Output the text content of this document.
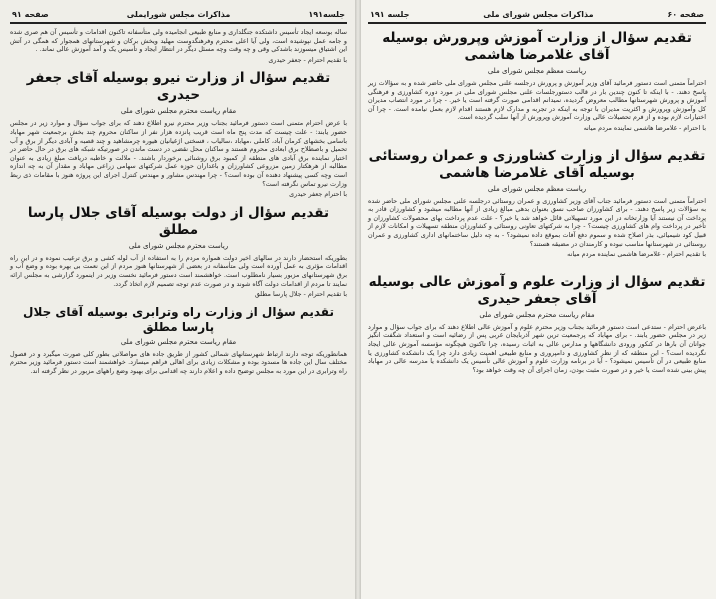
جلسه۱۹۱
مذاکرات مجلس شورایملی
صفحه ۹۱

ساله بوسعه ایجاد تأسیس داشتکده جنگلداری و منابع طبیعی انجامیده ولی متأسفانه تاکنون اقدامات و تأسیس آن هم صری شده و جامه عمل نپوشیده است، ولی آیا اعلی محترم وفرهنگدوست مهلید ویخش برکان و شهرستانهای همجوار که همگی در آتش این اشتیاق میسوزند باشدکی وقی و چه وقت وچه مسئل دیگر در انتظار ایجاد و تأسیس یک و آمد آموزش عالی نماند. .

با تقدیم احترام - جعفر حیدری
تقدیم سؤال از وزارت نیرو بوسیله آقای جعفر حیدری
مقام ریاست محترم مجلس شورای ملی

با عرض احترام متمنی است دستور فرمائید بجناب وزیر محترم نیرو اطلاع دهند که برای جواب سؤال و موارد زیر در مجلس حضور یابند: - علت چیست که مدت پنج ماه است قریب پانزده هزار نفر از ساکنان محروم چند بخش برجمعیت شهر مهاباد باسامی بخشهای کرمان آباد، کاملی ،مهاباد ،سالیاب ، فسختی اژغیانیان هیوره چرمشاهید و چند قصبه و آبادی دیگر از برق و آب تحمیل و باصطلاح برق ابعادی محروم هستند و ساکنان محل نقضی در دست ماندن در صورتیکه شبکه های برق در حال حاضر در اختیار نماینده برق آبادی های منطقه از کمبود برق روشنائی برخوردار باشند. - ملالت و خاطبه دریافت مبلغ زیادی به عنوان مطالبه از هرهکتار زمین مزروعی کشاورزان و باغداران حوزه عمل شرکتهای سهامی زراعی مهاباد و مقدار آن به چه اندازه است وچه کسی پیشنهاد دهنده آن بوده است؟ - چرا مهندس مشاور و مهندس کنترل اجرای این پروژه هنوز با مقامات ذی ربط وزارت نیرو تماس نگرفته است؟

با احترام جعفر حیدری
تقدیم سؤال از دولت بوسیله آقای جلال پارسا مطلق
ریاست محترم مجلس شورای ملی

بطوریکه استحضار دارند در سالهای اخیر دولت همواره مردم را به استفاده از آب لوله کشی و برق ترغیب نموده و در این راه اقدامات مؤثری به عمل آورده است ولی متأسفانه در بعضی از شهرستانها هنوز مردم از این نعمت بی بهره بوده و وضع آب و برق شهرستانهای مزبور بسیار نامطلوب است. خواهشمند است دستور فرمائید نخست وزیر در اینمورد گزارشی به مجلس ارائه نمایند تا مردم از اقدامات دولت آگاه شوند و در صورت عدم توجه تصمیم لازم اتخاذ گردد.

با تقدیم احترام - جلال پارسا مطلق
تقدیم سؤال از وزارت راه وترابری بوسیله آقای جلال پارسا مطلق
مقام ریاست محترم مجلس شورای ملی

همانطوریکه توجه دارند ارتباط شهرستانهای شمالی کشور از طریق جاده های مواصلاتی بطور کلی صورت میگیرد و در فصول مختلف سال این جاده ها مسدود بوده و مشکلات زیادی برای اهالی فراهم میسازد. خواهشمند است دستور فرمائید وزیر محترم راه وترابری در این مورد به مجلس توضیح داده و اعلام دارند چه اقدامی برای بهبود وضع راههای مزبور در نظر گرفته اند.

صفحه ۶۰
مذاکرات مجلس شورای ملی
جلسه ۱۹۱
تقدیم سؤال از وزارت آموزش وپرورش بوسیله آقای غلامرضا هاشمی
ریاست معظم مجلس شورای ملی

احتراماً متمنی است دستور فرمائید آقای وزیر آموزش و پرورش درجلسه علنی مجلس شورای ملی حاضر شده و به سؤالات زیر پاسخ دهند. - با اینکه تا کنون چندین بار در قالب دستورجلسات علنی مجلس شورای ملی در مورد دوره کشاورزی و فرهنگی آموزش و پرورش شهرستانها مطالب معروض گردیده، نمیدانم اقدامی صورت گرفته است یا خیر. - چرا در مورد انتصاب مدیران کل وآموزش وپرورش و اکثریت مدیران با توجه به اینکه در تجربه و مدارک لازم هستند اقدام لازم بعمل نیامده است. - چرا آن اختیارات لازم بوده و از فرم تحصیلات عالی وزارت آموزش وپرورش از آنها سلب گردیده است.

با احترام - غلامرضا هاشمی نماینده مردم میانه
تقدیم سؤال از وزارت کشاورزی و عمران روستائی بوسیله آقای غلامرضا هاشمی
ریاست معظم مجلس شورای ملی

احتراماً متمنی است دستور فرمائید جناب آقای وزیر کشاورزی و عمران روستائی درجلسه علنی مجلس شورای ملی حاضر شده به سؤالات زیر پاسخ دهند. - برای کشاورزان صاحب نسق بعنوان بدهی مبالغ زیادی از آنها مطالبه میشود و کشاورزان قادر به پرداخت آن نیستند آیا وزارتخانه در این مورد تسهیلاتی قائل خواهد شد یا خیر؟ - علت عدم پرداخت بهای محصولات کشاورزان و تأخیر در پرداخت وام های کشاورزی چیست؟ - چرا به شرکتهای تعاونی روستائی و کشاورزان منطقه تسهیلات و امکانات لازم از قبیل کود شیمیائی، بذر اصلاح شده و سموم دفع آفات بموقع داده نمیشود؟ - به چه دلیل ساختمانهای اداری کشاورزی و عمران روستائی در شهرستانها مناسب نبوده و کارمندان در مضیقه هستند؟

با تقدیم احترام - غلامرضا هاشمی نماینده مردم میانه
تقدیم سؤال از وزارت علوم و آموزش عالی بوسیله آقای جعفر حیدری
مقام ریاست محترم مجلس شورای ملی

باعرض احترام - ستدعی است دستور فرمائید بجناب وزیر محترم علوم و آموزش عالی اطلاع دهند که برای جواب سؤال و موارد زیر در مجلس حضور یابند. - برای مهاباد که پرجمعیت ترین شهر آذربایجان غربی پس از رضائیه است و استعداد شگفت انگیز جوانان آن بارها در کنکور ورودی دانشگاهها و مدارس عالی به اثبات رسیده، چرا تاکنون هیچگونه مؤسسه آموزش عالی ایجاد نگردیده است؟ - این منطقه که از نظر کشاورزی و دامپروری و منابع طبیعی اهمیت زیادی دارد چرا یک دانشکده کشاورزی یا منابع طبیعی در آن تأسیس نمیشود؟ - آیا در برنامه وزارت علوم و آموزش عالی تأسیس یک دانشکده یا مدرسه عالی در مهاباد پیش بینی شده است یا خیر و در صورت مثبت بودن، زمان اجرای آن چه وقت خواهد بود؟
